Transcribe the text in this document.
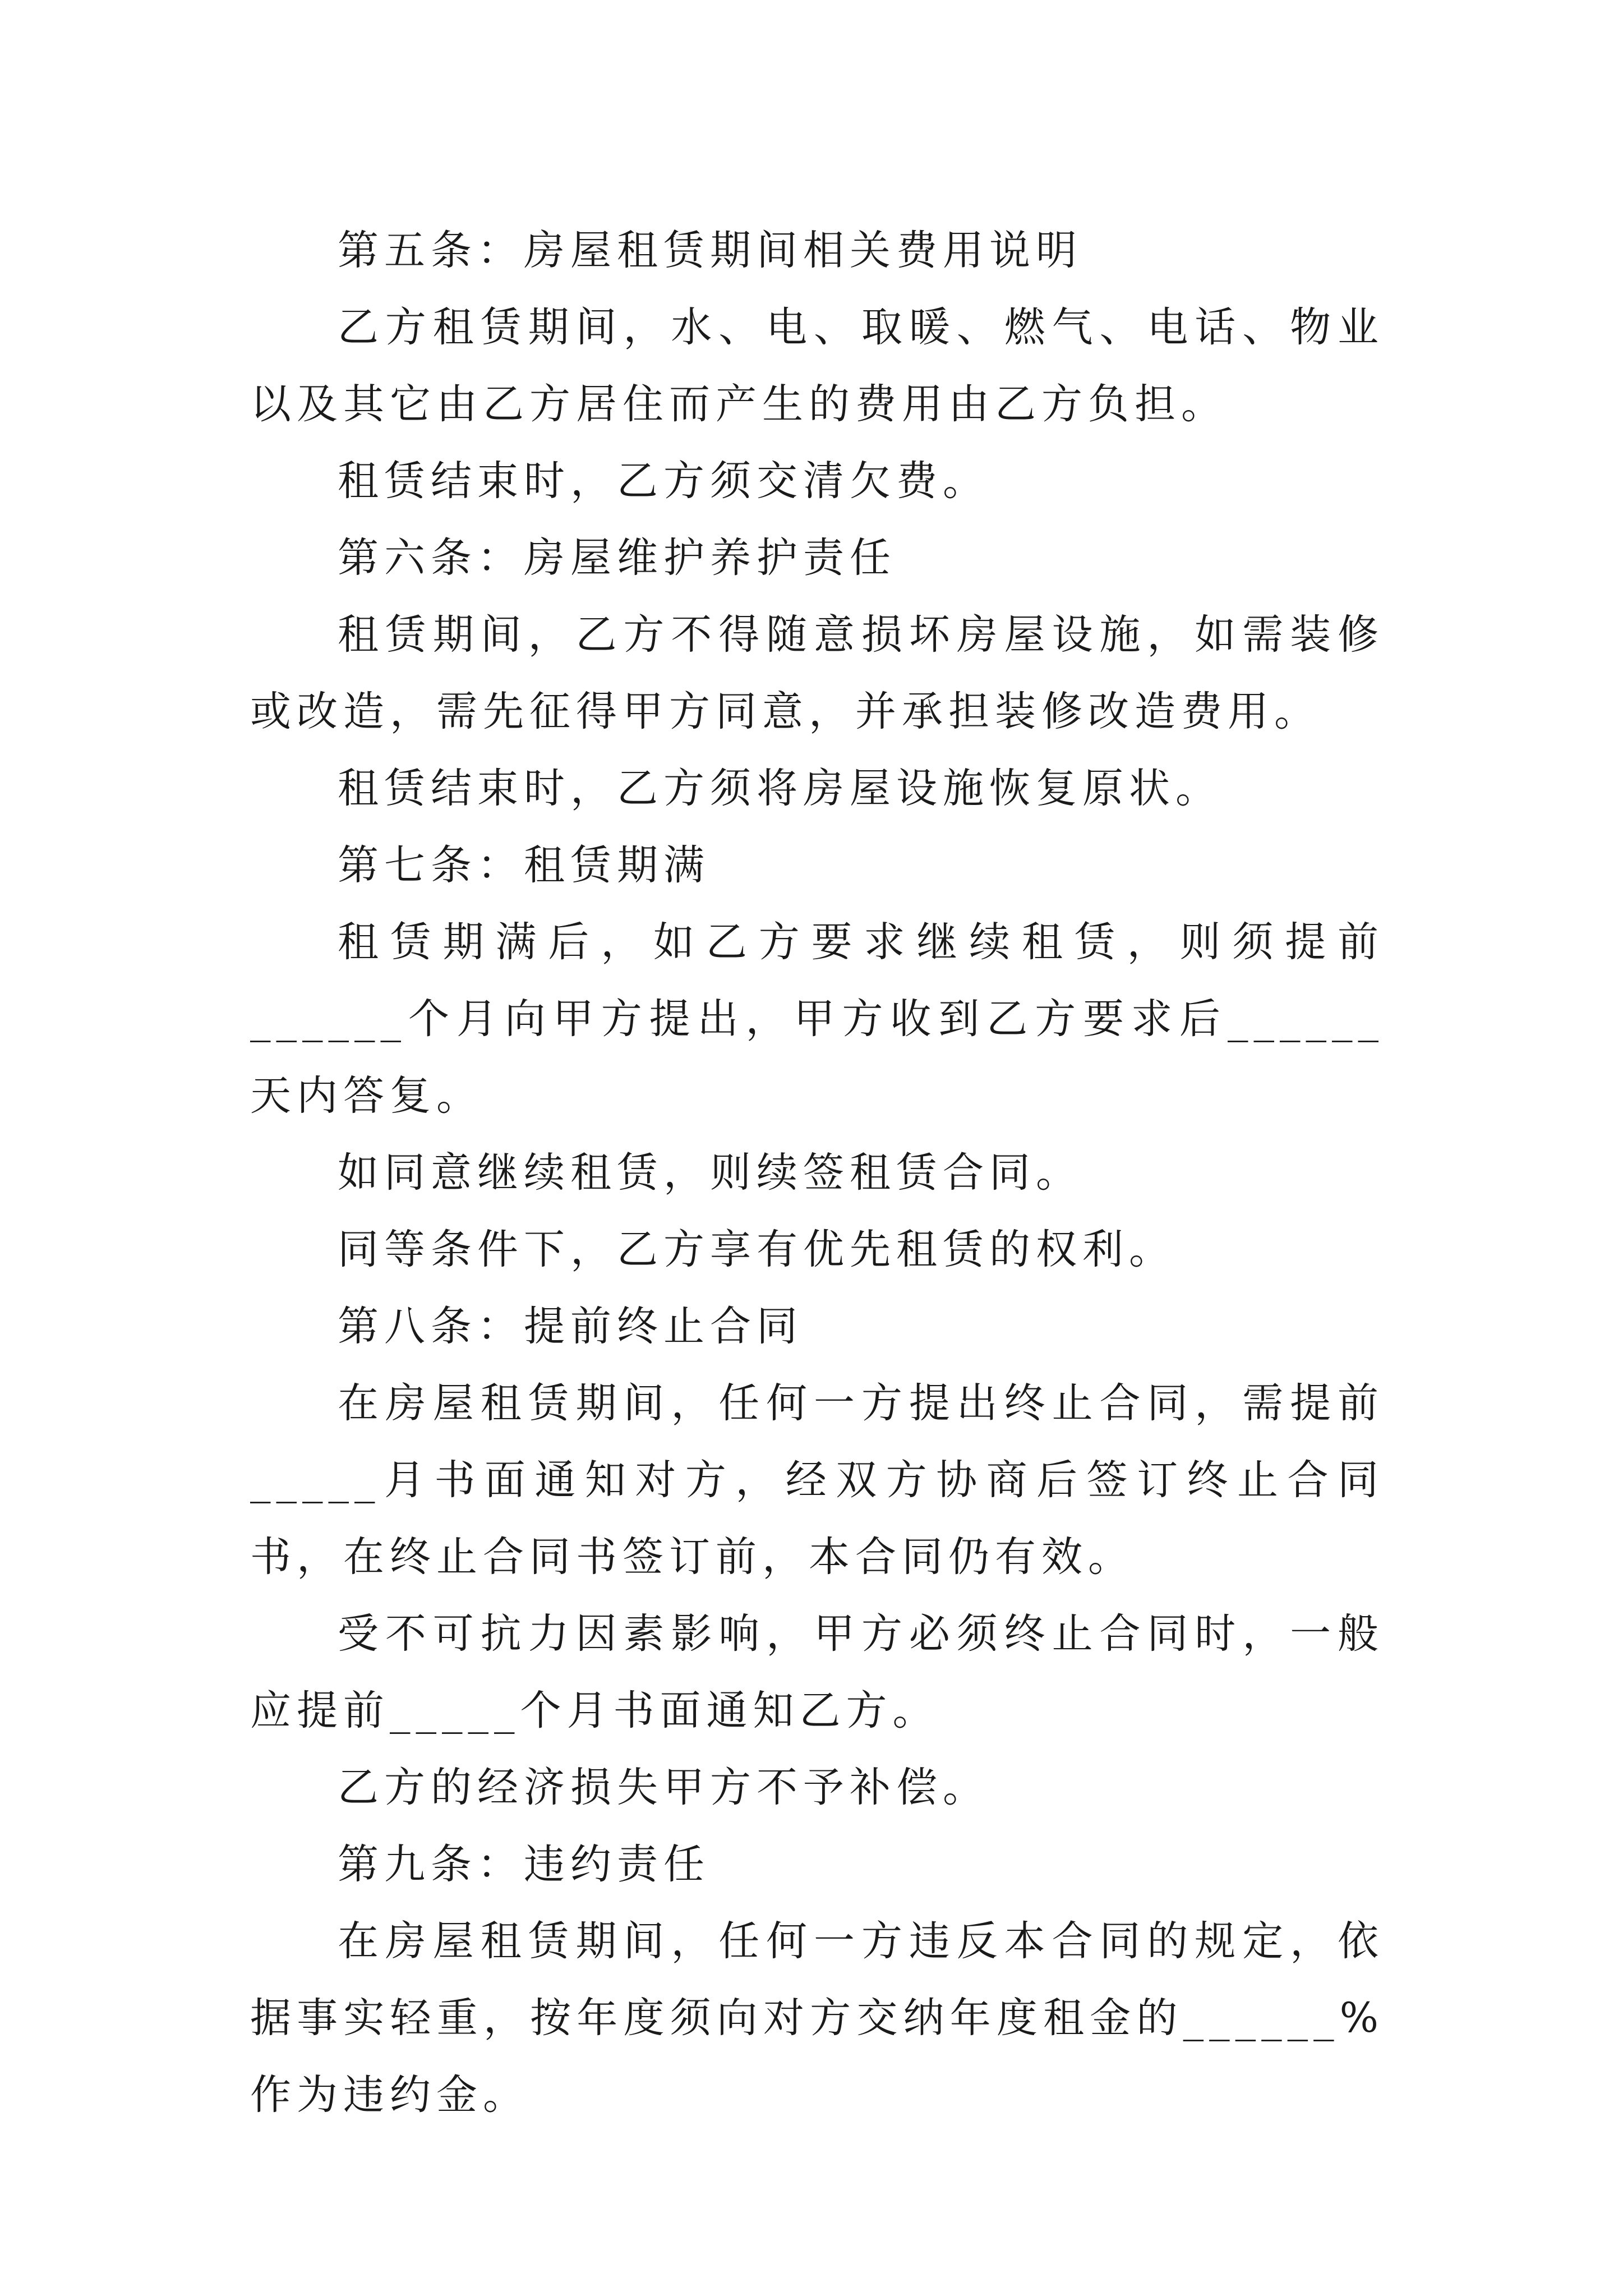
第五条：房屋租赁期间相关费用说明

乙方租赁期间，水、电、取暖、燃气、电话、物业以及其它由乙方居住而产生的费用由乙方负担。

租赁结束时，乙方须交清欠费。

第六条：房屋维护养护责任

租赁期间，乙方不得随意损坏房屋设施，如需装修或改造，需先征得甲方同意，并承担装修改造费用。

租赁结束时，乙方须将房屋设施恢复原状。

第七条：租赁期满

租赁期满后，如乙方要求继续租赁，则须提前______个月向甲方提出，甲方收到乙方要求后______天内答复。

如同意继续租赁，则续签租赁合同。

同等条件下，乙方享有优先租赁的权利。

第八条：提前终止合同

在房屋租赁期间，任何一方提出终止合同，需提前_____月书面通知对方，经双方协商后签订终止合同书，在终止合同书签订前，本合同仍有效。

受不可抗力因素影响，甲方必须终止合同时，一般应提前_____个月书面通知乙方。

乙方的经济损失甲方不予补偿。

第九条：违约责任

在房屋租赁期间，任何一方违反本合同的规定，依据事实轻重，按年度须向对方交纳年度租金的______%作为违约金。
